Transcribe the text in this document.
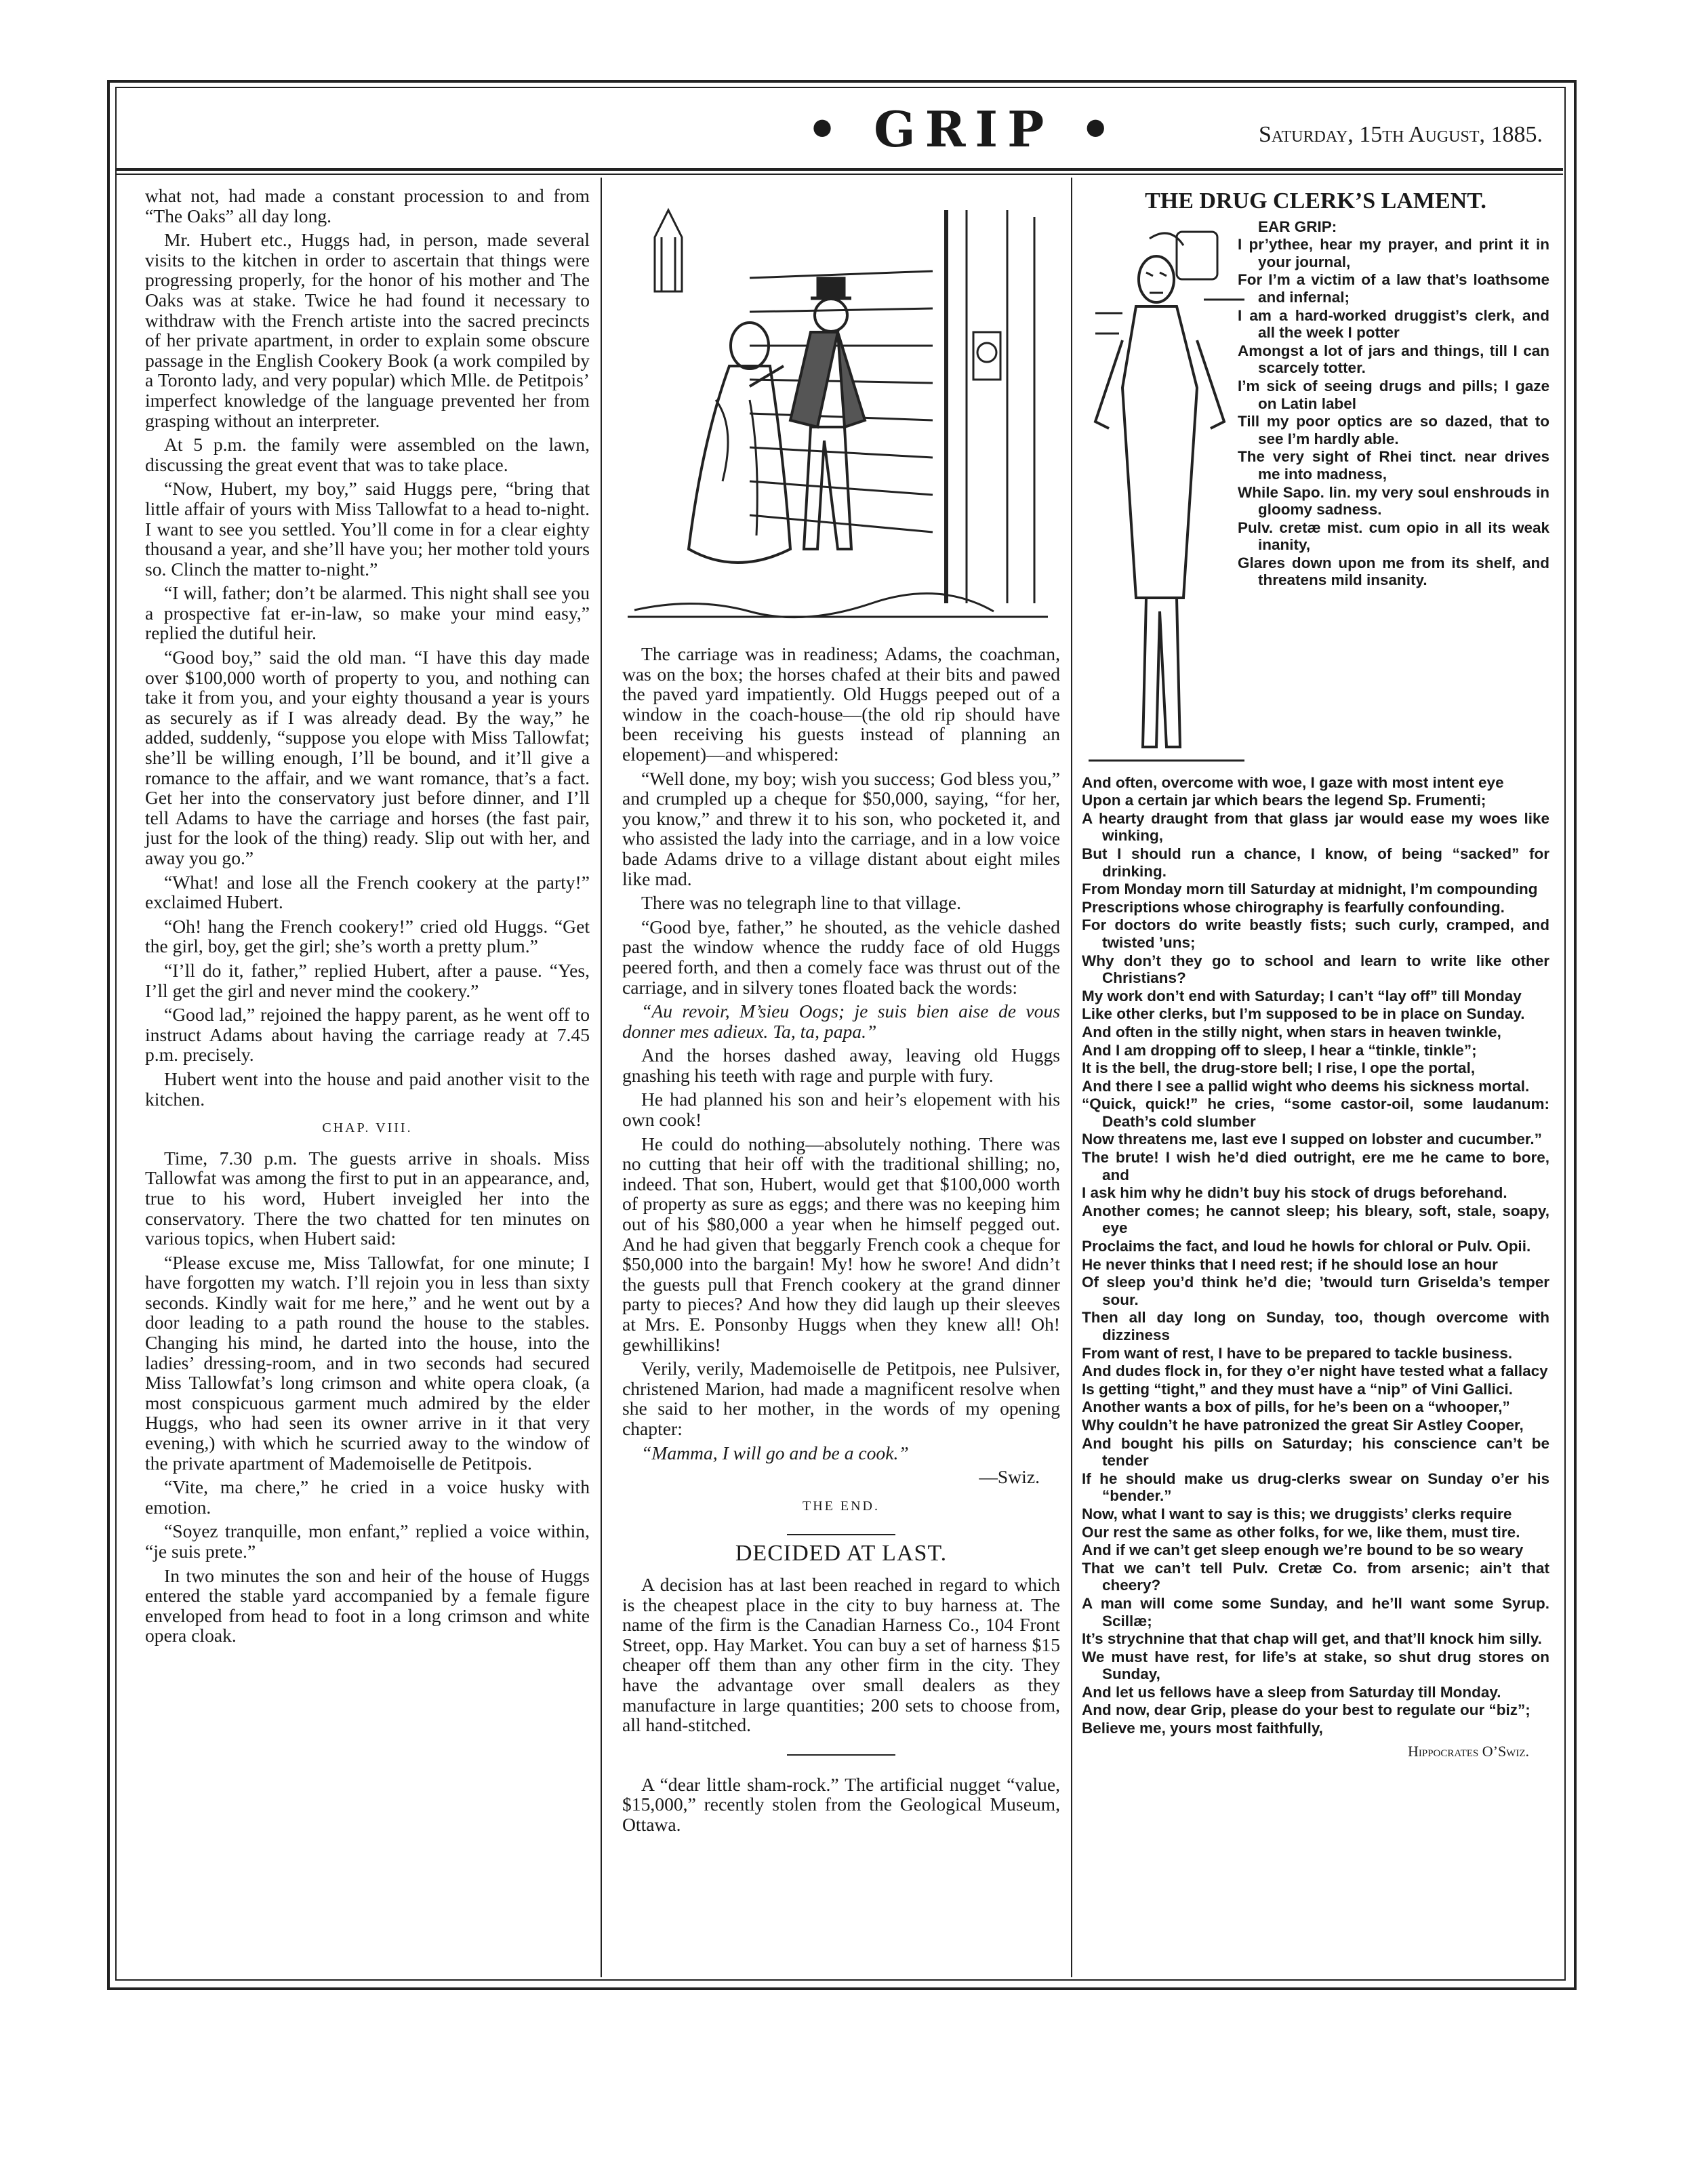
• GRIP •	Saturday, 15th August, 1885.

what not, had made a constant procession to and from “The Oaks” all day long.

Mr. Hubert etc., Huggs had, in person, made several visits to the kitchen in order to ascertain that things were progressing properly, for the honor of his mother and The Oaks was at stake. Twice he had found it necessary to withdraw with the French artiste into the sacred precincts of her private apartment, in order to explain some obscure passage in the English Cookery Book (a work compiled by a Toronto lady, and very popular) which Mlle. de Petitpois’ imperfect knowledge of the language prevented her from grasping without an interpreter.

At 5 p.m. the family were assembled on the lawn, discussing the great event that was to take place.

“Now, Hubert, my boy,” said Huggs pere, “bring that little affair of yours with Miss Tallowfat to a head to-night. I want to see you settled. You’ll come in for a clear eighty thousand a year, and she’ll have you; her mother told yours so. Clinch the matter to-night.”

“I will, father; don’t be alarmed. This night shall see you a prospective fat er-in-law, so make your mind easy,” replied the dutiful heir.

“Good boy,” said the old man. “I have this day made over $100,000 worth of property to you, and nothing can take it from you, and your eighty thousand a year is yours as securely as if I was already dead. By the way,” he added, suddenly, “suppose you elope with Miss Tallowfat; she’ll be willing enough, I’ll be bound, and it’ll give a romance to the affair, and we want romance, that’s a fact. Get her into the conservatory just before dinner, and I’ll tell Adams to have the carriage and horses (the fast pair, just for the look of the thing) ready. Slip out with her, and away you go.”

“What! and lose all the French cookery at the party!” exclaimed Hubert.

“Oh! hang the French cookery!” cried old Huggs. “Get the girl, boy, get the girl; she’s worth a pretty plum.”

“I’ll do it, father,” replied Hubert, after a pause. “Yes, I’ll get the girl and never mind the cookery.”

“Good lad,” rejoined the happy parent, as he went off to instruct Adams about having the carriage ready at 7.45 p.m. precisely.

Hubert went into the house and paid another visit to the kitchen.

CHAP. VIII.

Time, 7.30 p.m. The guests arrive in shoals. Miss Tallowfat was among the first to put in an appearance, and, true to his word, Hubert inveigled her into the conservatory. There the two chatted for ten minutes on various topics, when Hubert said:

“Please excuse me, Miss Tallowfat, for one minute; I have forgotten my watch. I’ll rejoin you in less than sixty seconds. Kindly wait for me here,” and he went out by a door leading to a path round the house to the stables. Changing his mind, he darted into the house, into the ladies’ dressing-room, and in two seconds had secured Miss Tallowfat’s long crimson and white opera cloak, (a most conspicuous garment much admired by the elder Huggs, who had seen its owner arrive in it that very evening,) with which he scurried away to the window of the private apartment of Mademoiselle de Petitpois.

“Vite, ma chere,” he cried in a voice husky with emotion.

“Soyez tranquille, mon enfant,” replied a voice within, “je suis prete.”

In two minutes the son and heir of the house of Huggs entered the stable yard accompanied by a female figure enveloped from head to foot in a long crimson and white opera cloak.

The carriage was in readiness; Adams, the coachman, was on the box; the horses chafed at their bits and pawed the paved yard impatiently. Old Huggs peeped out of a window in the coach-house—(the old rip should have been receiving his guests instead of planning an elopement)—and whispered:

“Well done, my boy; wish you success; God bless you,” and crumpled up a cheque for $50,000, saying, “for her, you know,” and threw it to his son, who pocketed it, and who assisted the lady into the carriage, and in a low voice bade Adams drive to a village distant about eight miles like mad.

There was no telegraph line to that village.

“Good bye, father,” he shouted, as the vehicle dashed past the window whence the ruddy face of old Huggs peered forth, and then a comely face was thrust out of the carriage, and in silvery tones floated back the words:

“Au revoir, M’sieu Oogs; je suis bien aise de vous donner mes adieux. Ta, ta, papa.”

And the horses dashed away, leaving old Huggs gnashing his teeth with rage and purple with fury.

He had planned his son and heir’s elopement with his own cook!

He could do nothing—absolutely nothing. There was no cutting that heir off with the traditional shilling; no, indeed. That son, Hubert, would get that $100,000 worth of property as sure as eggs; and there was no keeping him out of his $80,000 a year when he himself pegged out. And he had given that beggarly French cook a cheque for $50,000 into the bargain! My! how he swore! And didn’t the guests pull that French cookery at the grand dinner party to pieces? And how they did laugh up their sleeves at Mrs. E. Ponsonby Huggs when they knew all! Oh! gewhillikins!

Verily, verily, Mademoiselle de Petitpois, nee Pulsiver, christened Marion, had made a magnificent resolve when she said to her mother, in the words of my opening chapter:

“Mamma, I will go and be a cook.”

—Swiz.

THE END.

DECIDED AT LAST.

A decision has at last been reached in regard to which is the cheapest place in the city to buy harness at. The name of the firm is the Canadian Harness Co., 104 Front Street, opp. Hay Market. You can buy a set of harness $15 cheaper off them than any other firm in the city. They have the advantage over small dealers as they manufacture in large quantities; 200 sets to choose from, all hand-stitched.

A “dear little sham-rock.” The artificial nugget “value, $15,000,” recently stolen from the Geological Museum, Ottawa.

THE DRUG CLERK’S LAMENT.
EAR GRIP:
I pr’ythee, hear my prayer, and print it in your journal,
For I’m a victim of a law that’s loathsome and infernal;
I am a hard-worked druggist’s clerk, and all the week I potter
Amongst a lot of jars and things, till I can scarcely totter.
I’m sick of seeing drugs and pills; I gaze on Latin label
Till my poor optics are so dazed, that to see I’m hardly able.
The very sight of Rhei tinct. near drives me into madness,
While Sapo. lin. my very soul enshrouds in gloomy sadness.
Pulv. cretæ mist. cum opio in all its weak inanity,
Glares down upon me from its shelf, and threatens mild insanity.
And often, overcome with woe, I gaze with most intent eye
Upon a certain jar which bears the legend Sp. Frumenti;
A hearty draught from that glass jar would ease my woes like winking,
But I should run a chance, I know, of being “sacked” for drinking.
From Monday morn till Saturday at midnight, I’m compounding
Prescriptions whose chirography is fearfully confounding.
For doctors do write beastly fists; such curly, cramped, and twisted ’uns;
Why don’t they go to school and learn to write like other Christians?
My work don’t end with Saturday; I can’t “lay off” till Monday
Like other clerks, but I’m supposed to be in place on Sunday.
And often in the stilly night, when stars in heaven twinkle,
And I am dropping off to sleep, I hear a “tinkle, tinkle”;
It is the bell, the drug-store bell; I rise, I ope the portal,
And there I see a pallid wight who deems his sickness mortal.
“Quick, quick!” he cries, “some castor-oil, some laudanum: Death’s cold slumber
Now threatens me, last eve I supped on lobster and cucumber.”
The brute! I wish he’d died outright, ere me he came to bore, and
I ask him why he didn’t buy his stock of drugs beforehand.
Another comes; he cannot sleep; his bleary, soft, stale, soapy, eye
Proclaims the fact, and loud he howls for chloral or Pulv. Opii.
He never thinks that I need rest; if he should lose an hour
Of sleep you’d think he’d die; ’twould turn Griselda’s temper sour.
Then all day long on Sunday, too, though overcome with dizziness
From want of rest, I have to be prepared to tackle business.
And dudes flock in, for they o’er night have tested what a fallacy
Is getting “tight,” and they must have a “nip” of Vini Gallici.
Another wants a box of pills, for he’s been on a “whooper,”
Why couldn’t he have patronized the great Sir Astley Cooper,
And bought his pills on Saturday; his conscience can’t be tender
If he should make us drug-clerks swear on Sunday o’er his “bender.”
Now, what I want to say is this; we druggists’ clerks require
Our rest the same as other folks, for we, like them, must tire.
And if we can’t get sleep enough we’re bound to be so weary
That we can’t tell Pulv. Cretæ Co. from arsenic; ain’t that cheery?
A man will come some Sunday, and he’ll want some Syrup. Scillæ;
It’s strychnine that that chap will get, and that’ll knock him silly.
We must have rest, for life’s at stake, so shut drug stores on Sunday,
And let us fellows have a sleep from Saturday till Monday.
And now, dear Grip, please do your best to regulate our “biz”;
Believe me, yours most faithfully,
Hippocrates O’Swiz.
